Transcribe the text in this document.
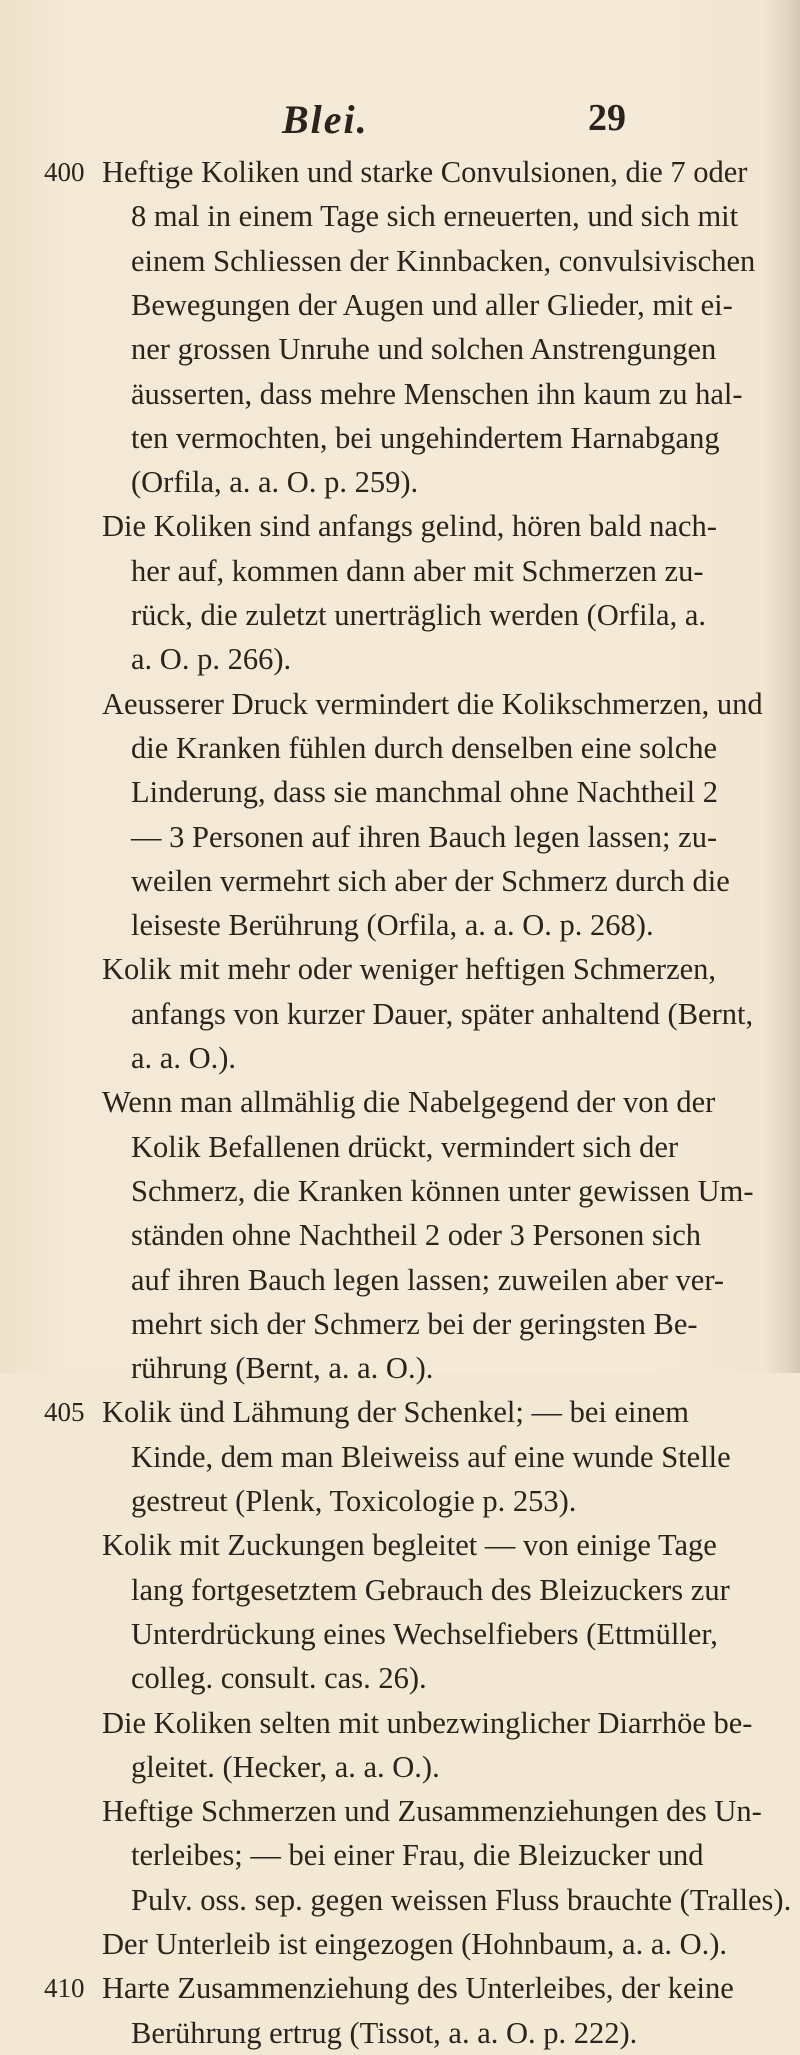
Blei.	29
400 Heftige Koliken und starke Convulsionen, die 7 oder
8 mal in einem Tage sich erneuerten, und sich mit
einem Schliessen der Kinnbacken, convulsivischen
Bewegungen der Augen und aller Glieder, mit ei-
ner grossen Unruhe und solchen Anstrengungen
äusserten, dass mehre Menschen ihn kaum zu hal-
ten vermochten, bei ungehindertem Harnabgang
(Orfila, a. a. O. p. 259).
Die Koliken sind anfangs gelind, hören bald nach-
her auf, kommen dann aber mit Schmerzen zu-
rück, die zuletzt unerträglich werden (Orfila, a.
a. O. p. 266).
Aeusserer Druck vermindert die Kolikschmerzen, und
die Kranken fühlen durch denselben eine solche
Linderung, dass sie manchmal ohne Nachtheil 2
— 3 Personen auf ihren Bauch legen lassen; zu-
weilen vermehrt sich aber der Schmerz durch die
leiseste Berührung (Orfila, a. a. O. p. 268).
Kolik mit mehr oder weniger heftigen Schmerzen,
anfangs von kurzer Dauer, später anhaltend (Bernt,
a. a. O.).
Wenn man allmählig die Nabelgegend der von der
Kolik Befallenen drückt, vermindert sich der
Schmerz, die Kranken können unter gewissen Um-
ständen ohne Nachtheil 2 oder 3 Personen sich
auf ihren Bauch legen lassen; zuweilen aber ver-
mehrt sich der Schmerz bei der geringsten Be-
rührung (Bernt, a. a. O.).
405 Kolik ünd Lähmung der Schenkel; — bei einem
Kinde, dem man Bleiweiss auf eine wunde Stelle
gestreut (Plenk, Toxicologie p. 253).
Kolik mit Zuckungen begleitet — von einige Tage
lang fortgesetztem Gebrauch des Bleizuckers zur
Unterdrückung eines Wechselfiebers (Ettmüller,
colleg. consult. cas. 26).
Die Koliken selten mit unbezwinglicher Diarrhöe be-
gleitet. (Hecker, a. a. O.).
Heftige Schmerzen und Zusammenziehungen des Un-
terleibes; — bei einer Frau, die Bleizucker und
Pulv. oss. sep. gegen weissen Fluss brauchte (Tralles).
Der Unterleib ist eingezogen (Hohnbaum, a. a. O.).
410 Harte Zusammenziehung des Unterleibes, der keine
Berührung ertrug (Tissot, a. a. O. p. 222).
